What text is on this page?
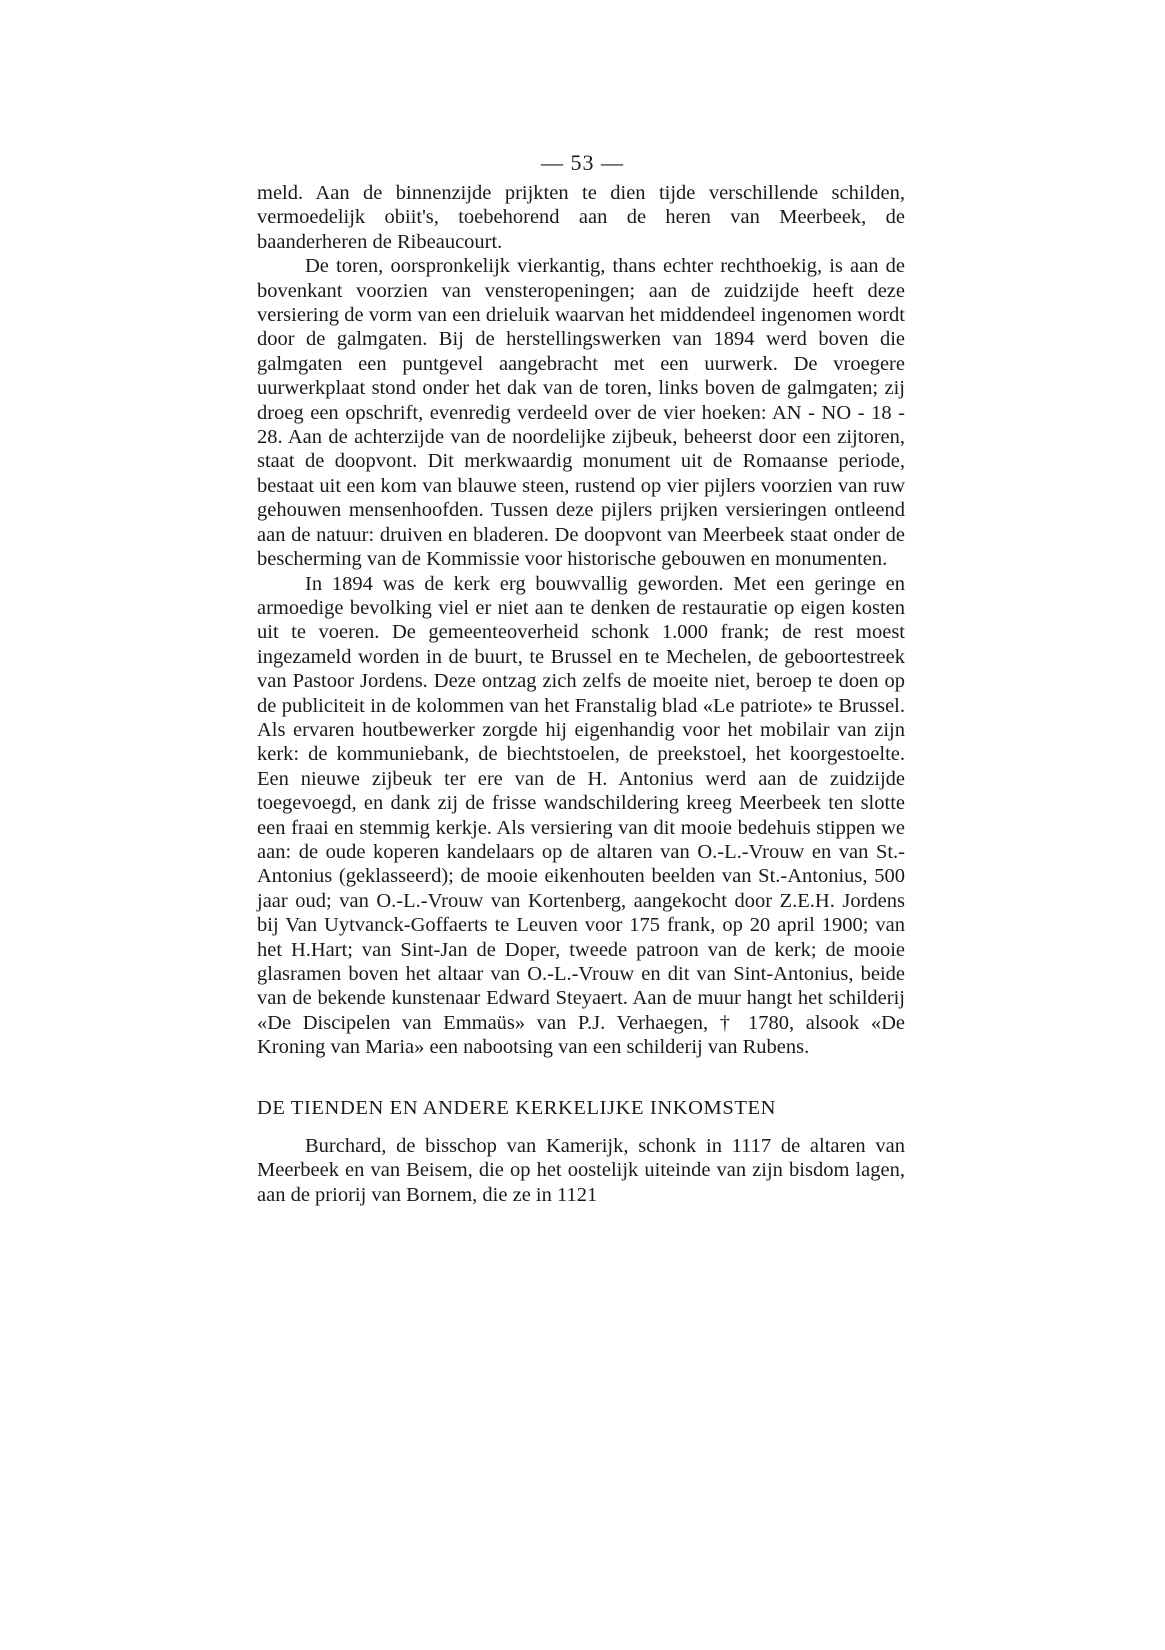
— 53 —

meld. Aan de binnenzijde prijkten te dien tijde verschillende schilden, vermoedelijk obiit's, toebehorend aan de heren van Meerbeek, de baanderheren de Ribeaucourt.

De toren, oorspronkelijk vierkantig, thans echter rechthoekig, is aan de bovenkant voorzien van vensteropeningen; aan de zuidzijde heeft deze versiering de vorm van een drieluik waarvan het middendeel ingenomen wordt door de galmgaten. Bij de herstellingswerken van 1894 werd boven die galmgaten een puntgevel aangebracht met een uurwerk. De vroegere uurwerkplaat stond onder het dak van de toren, links boven de galmgaten; zij droeg een opschrift, evenredig verdeeld over de vier hoeken: AN - NO - 18 - 28. Aan de achterzijde van de noordelijke zijbeuk, beheerst door een zijtoren, staat de doopvont. Dit merkwaardig monument uit de Romaanse periode, bestaat uit een kom van blauwe steen, rustend op vier pijlers voorzien van ruw gehouwen mensenhoofden. Tussen deze pijlers prijken versieringen ontleend aan de natuur: druiven en bladeren. De doopvont van Meerbeek staat onder de bescherming van de Kommissie voor historische gebouwen en monumenten.

In 1894 was de kerk erg bouwvallig geworden. Met een geringe en armoedige bevolking viel er niet aan te denken de restauratie op eigen kosten uit te voeren. De gemeenteoverheid schonk 1.000 frank; de rest moest ingezameld worden in de buurt, te Brussel en te Mechelen, de geboortestreek van Pastoor Jordens. Deze ontzag zich zelfs de moeite niet, beroep te doen op de publiciteit in de kolommen van het Franstalig blad «Le patriote» te Brussel. Als ervaren houtbewerker zorgde hij eigenhandig voor het mobilair van zijn kerk: de kommuniebank, de biechtstoelen, de preekstoel, het koorgestoelte. Een nieuwe zijbeuk ter ere van de H. Antonius werd aan de zuidzijde toegevoegd, en dank zij de frisse wandschildering kreeg Meerbeek ten slotte een fraai en stemmig kerkje. Als versiering van dit mooie bedehuis stippen we aan: de oude koperen kandelaars op de altaren van O.-L.-Vrouw en van St.-Antonius (geklasseerd); de mooie eikenhouten beelden van St.-Antonius, 500 jaar oud; van O.-L.-Vrouw van Kortenberg, aangekocht door Z.E.H. Jordens bij Van Uytvanck-Goffaerts te Leuven voor 175 frank, op 20 april 1900; van het H.Hart; van Sint-Jan de Doper, tweede patroon van de kerk; de mooie glasramen boven het altaar van O.-L.-Vrouw en dit van Sint-Antonius, beide van de bekende kunstenaar Edward Steyaert. Aan de muur hangt het schilderij «De Discipelen van Emmaüs» van P.J. Verhaegen, † 1780, alsook «De Kroning van Maria» een nabootsing van een schilderij van Rubens.

DE TIENDEN EN ANDERE KERKELIJKE INKOMSTEN

Burchard, de bisschop van Kamerijk, schonk in 1117 de altaren van Meerbeek en van Beisem, die op het oostelijk uiteinde van zijn bisdom lagen, aan de priorij van Bornem, die ze in 1121
